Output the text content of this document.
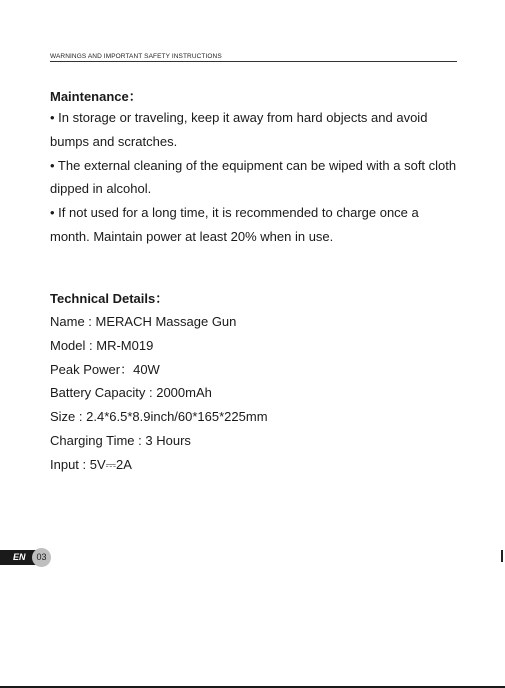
WARNINGS AND IMPORTANT SAFETY INSTRUCTIONS
Maintenance：

• In storage or traveling, keep it away from hard objects and avoid bumps and scratches.

• The external cleaning of the equipment can be wiped with a soft cloth dipped in alcohol.

• If not used for a long time, it is recommended to charge once a month. Maintain power at least 20% when in use.

Technical Details：
Name : MERACH Massage Gun
Model : MR-M019
Peak Power：40W
Battery Capacity : 2000mAh
Size : 2.4*6.5*8.9inch/60*165*225mm
Charging Time : 3 Hours
Input : 5V⎓2A
EN	03
